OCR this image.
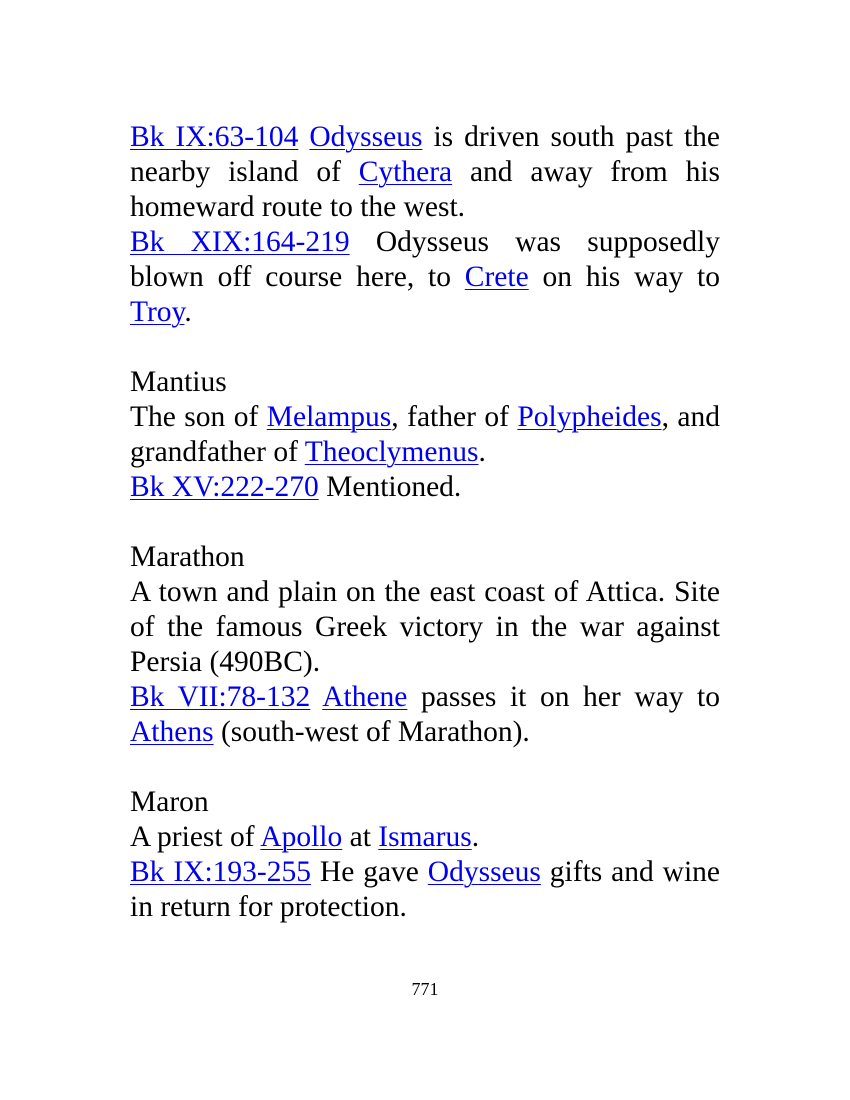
Bk IX:63-104 Odysseus is driven south past the nearby island of Cythera and away from his homeward route to the west.

Bk XIX:164-219 Odysseus was supposedly blown off course here, to Crete on his way to Troy.

Mantius

The son of Melampus, father of Polypheides, and grandfather of Theoclymenus.

Bk XV:222-270 Mentioned.

Marathon

A town and plain on the east coast of Attica. Site of the famous Greek victory in the war against Persia (490BC).

Bk VII:78-132 Athene passes it on her way to Athens (south-west of Marathon).

Maron

A priest of Apollo at Ismarus.

Bk IX:193-255 He gave Odysseus gifts and wine in return for protection.

771
